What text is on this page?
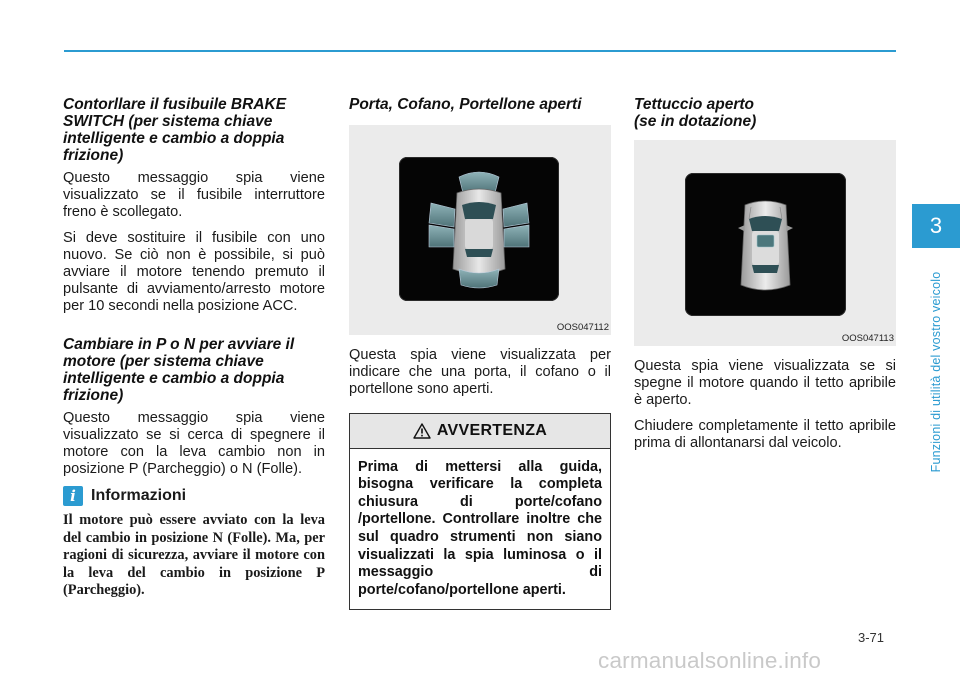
Contorllare il fusibuile BRAKE SWITCH (per sistema chiave intelligente e cambio a doppia frizione)

Questo messaggio spia viene visualizzato se il fusibile interruttore freno è scollegato.

Si deve sostituire il fusibile con uno nuovo. Se ciò non è possibile, si può avviare il motore tenendo premuto il pulsante di avviamento/arresto motore per 10 secondi nella posizione ACC.

Cambiare in P o N per avviare il motore (per sistema chiave intelligente e cambio a doppia frizione)

Questo messaggio spia viene visualizzato se si cerca di spegnere il motore con la leva cambio non in posizione P (Parcheggio) o N (Folle).

i Informazioni

Il motore può essere avviato con la leva del cambio in posizione N (Folle). Ma, per ragioni di sicurezza, avviare il motore con la leva del cambio in posizione P (Parcheggio).

Porta, Cofano, Portellone aperti
OOS047112

Questa spia viene visualizzata per indicare che una porta, il cofano o il portellone sono aperti.

AVVERTENZA
Prima di mettersi alla guida, bisogna verificare la completa chiusura di porte/cofano /portellone. Controllare inoltre che sul quadro strumenti non siano visualizzati la spia luminosa o il messaggio di porte/cofano/portellone aperti.
Tettuccio aperto
(se in dotazione)
OOS047113

Questa spia viene visualizzata se si spegne il motore quando il tetto apribile è aperto.

Chiudere completamente il tetto apribile prima di allontanarsi dal veicolo.

3
Funzioni di utilità del vostro veicolo
3-71
carmanualsonline.info
